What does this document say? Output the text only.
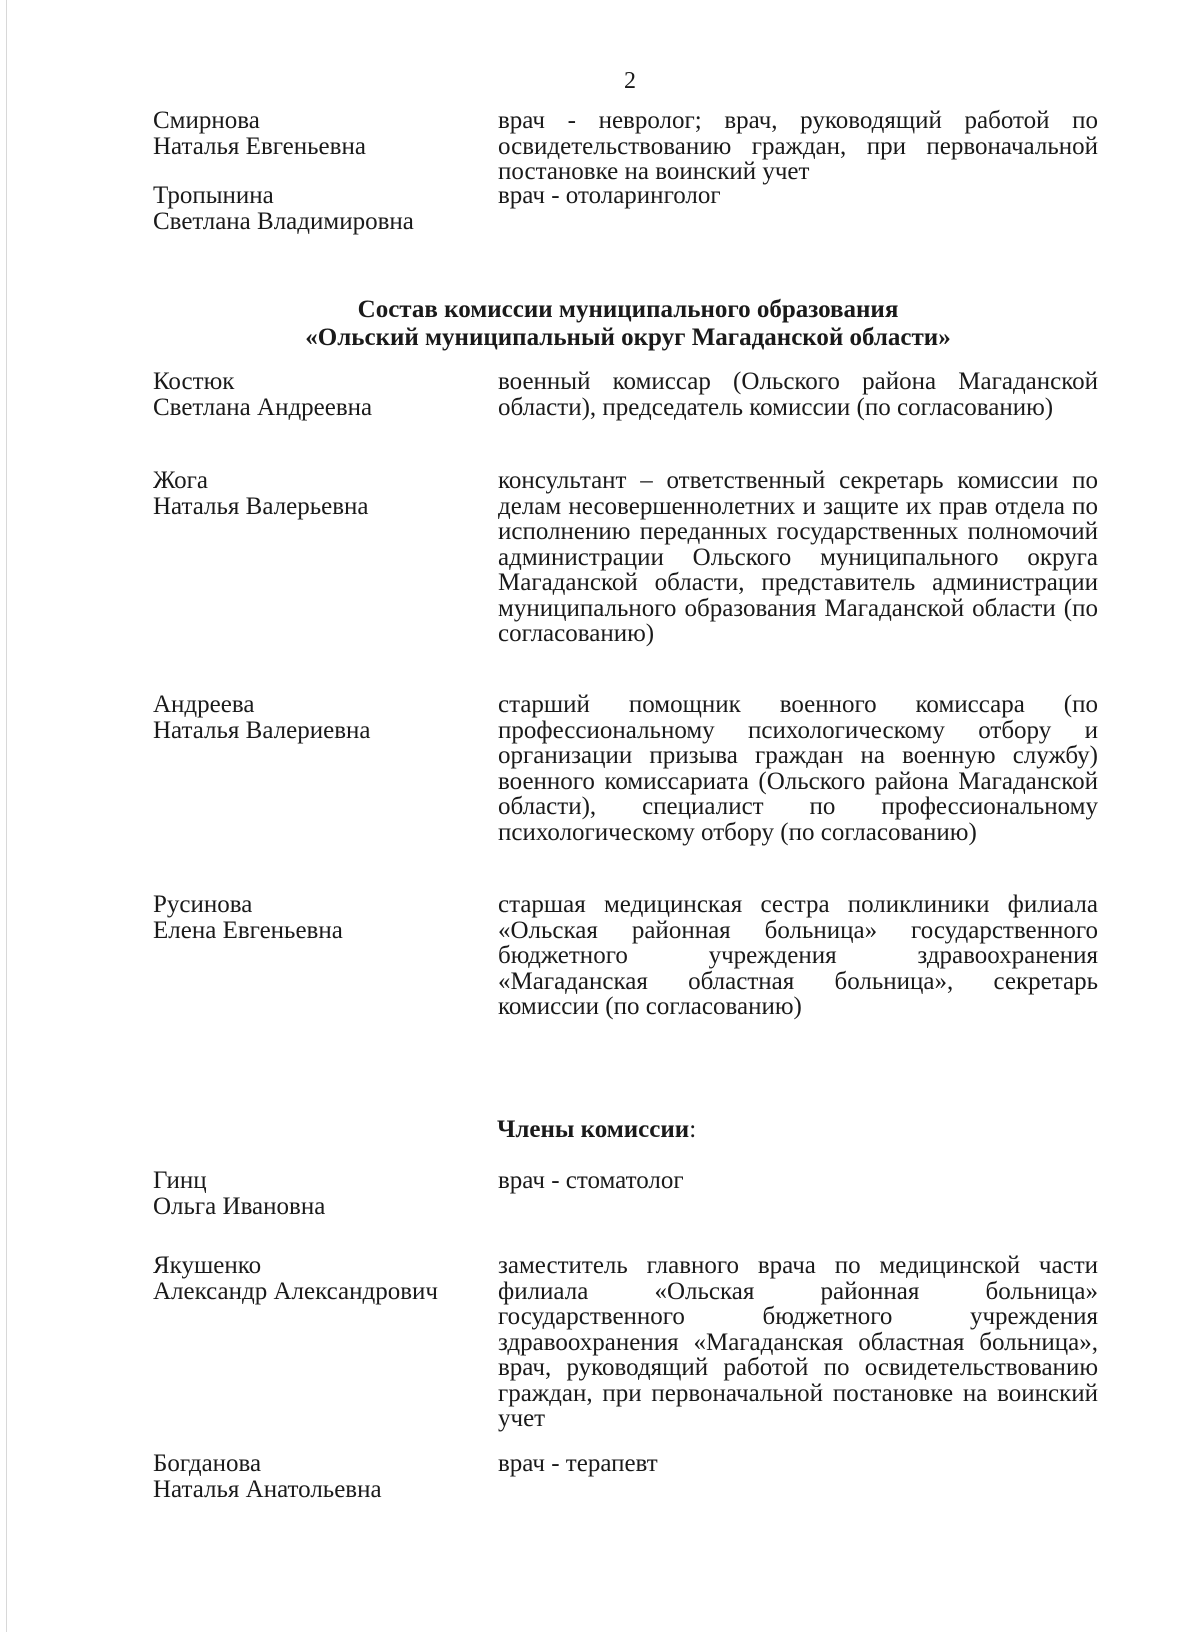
2
Смирнова
Наталья Евгеньевна
врач - невролог; врач, руководящий работой по освидетельствованию граждан, при первоначальной постановке на воинский учет
Тропынина
Светлана Владимировна
врач - отоларинголог
Состав комиссии муниципального образования
«Ольский муниципальный округ Магаданской области»
Костюк
Светлана Андреевна
военный комиссар (Ольского района Магаданской области), председатель комиссии (по согласованию)
Жога
Наталья Валерьевна
консультант – ответственный секретарь комиссии по делам несовершеннолетних и защите их прав отдела по исполнению переданных государственных полномочий администрации Ольского муниципального округа Магаданской области, представитель администрации муниципального образования Магаданской области (по согласованию)
Андреева
Наталья Валериевна
старший помощник военного комиссара (по профессиональному психологическому отбору и организации призыва граждан на военную службу) военного комиссариата (Ольского района Магаданской области), специалист по профессиональному психологическому отбору (по согласованию)
Русинова
Елена Евгеньевна
старшая медицинская сестра поликлиники филиала «Ольская районная больница» государственного бюджетного учреждения здравоохранения «Магаданская областная больница», секретарь комиссии (по согласованию)
Члены комиссии:
Гинц
Ольга Ивановна
врач - стоматолог
Якушенко
Александр Александрович
заместитель главного врача по медицинской части филиала «Ольская районная больница» государственного бюджетного учреждения здравоохранения «Магаданская областная больница», врач, руководящий работой по освидетельствованию граждан, при первоначальной постановке на воинский учет
Богданова
Наталья Анатольевна
врач - терапевт
